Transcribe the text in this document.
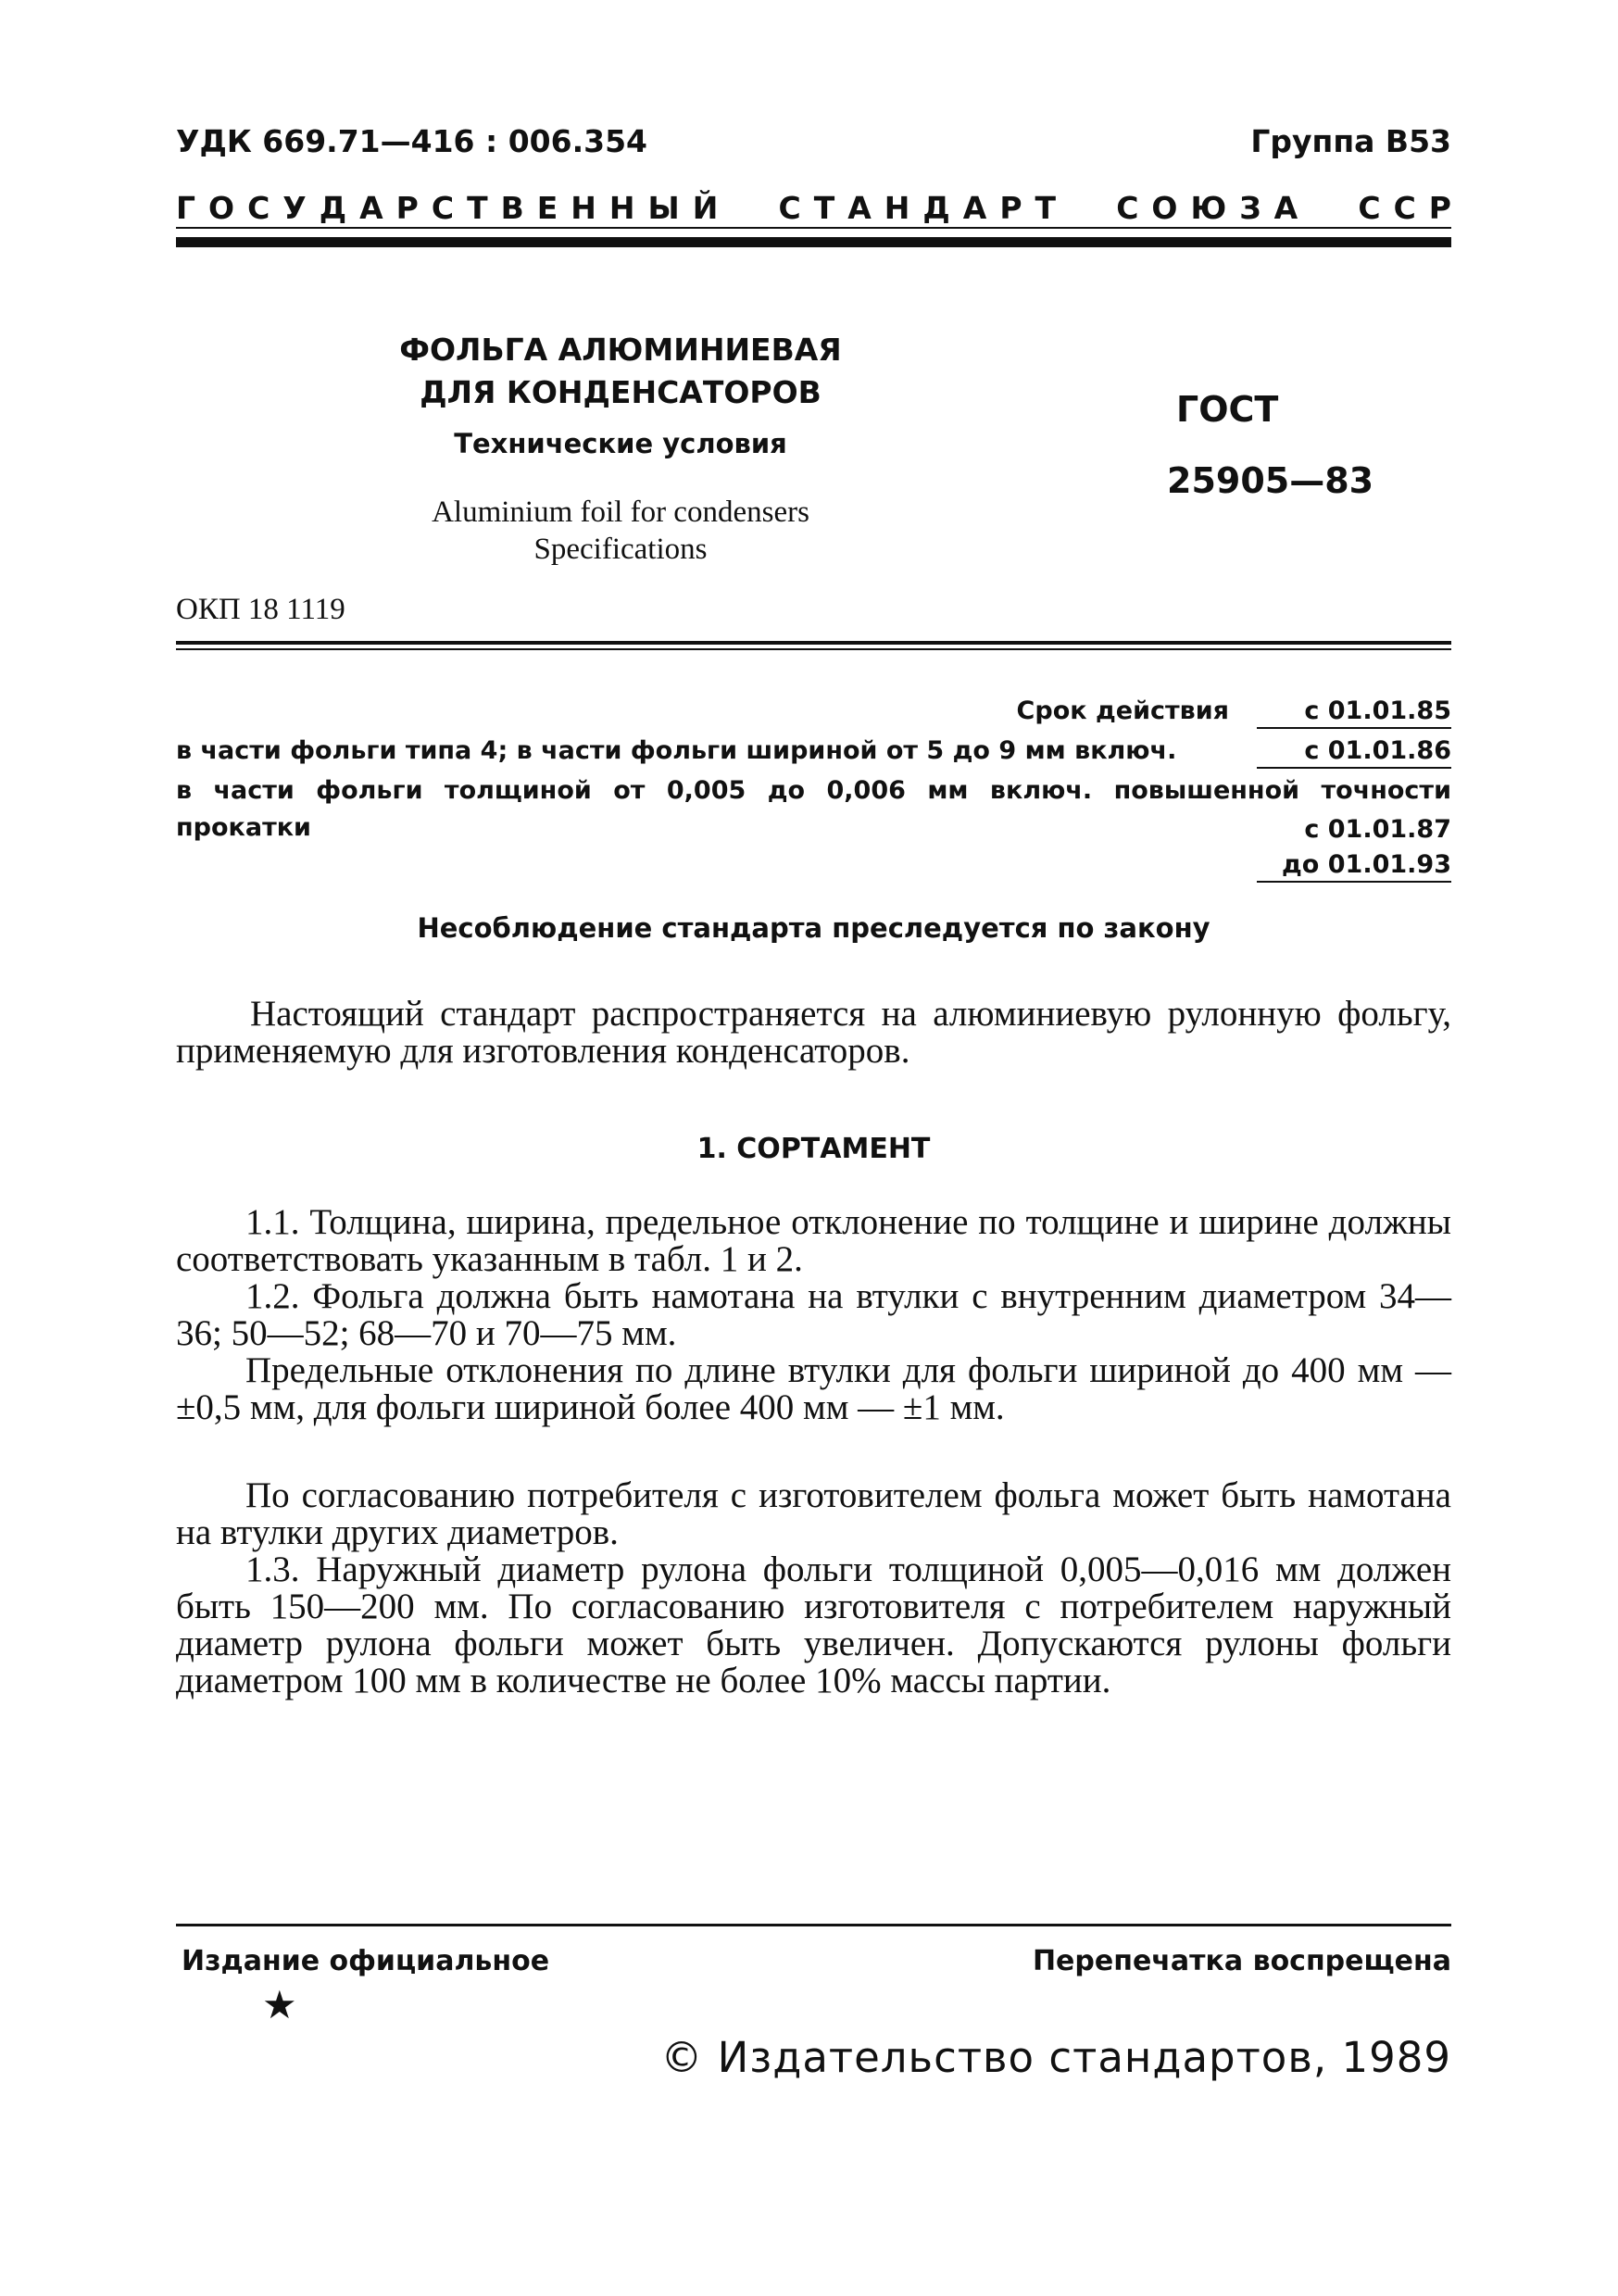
УДК 669.71—416 : 006.354	Группа В53
ГОСУДАРСТВЕННЫЙ СТАНДАРТ СОЮЗА ССР
ФОЛЬГА АЛЮМИНИЕВАЯ
ДЛЯ КОНДЕНСАТОРОВ
Технические условия
Aluminium foil for condensers
Specifications
ГОСТ
25905—83
ОКП 18 1119
Срок действия	с 01.01.85
в части фольги типа 4; в части фольги шириной от 5 до 9 мм включ.	с 01.01.86
в части фольги толщиной от 0,005 до 0,006 мм включ. повышенной точности
прокатки	с 01.01.87
до 01.01.93
Несоблюдение стандарта преследуется по закону
Настоящий стандарт распространяется на алюминиевую рулонную фольгу, применяемую для изготовления конденсаторов.
1. СОРТАМЕНТ
1.1. Толщина, ширина, предельное отклонение по толщине и ширине должны соответствовать указанным в табл. 1 и 2.
1.2. Фольга должна быть намотана на втулки с внутренним диаметром 34—36; 50—52; 68—70 и 70—75 мм.
Предельные отклонения по длине втулки для фольги шириной до 400 мм — ±0,5 мм, для фольги шириной более 400 мм — ±1 мм.
По согласованию потребителя с изготовителем фольга может быть намотана на втулки других диаметров.
1.3. Наружный диаметр рулона фольги толщиной 0,005—0,016 мм должен быть 150—200 мм. По согласованию изготовителя с потребителем наружный диаметр рулона фольги может быть увеличен. Допускаются рулоны фольги диаметром 100 мм в количестве не более 10% массы партии.
Издание официальное
★
Перепечатка воспрещена
© Издательство стандартов, 1989
